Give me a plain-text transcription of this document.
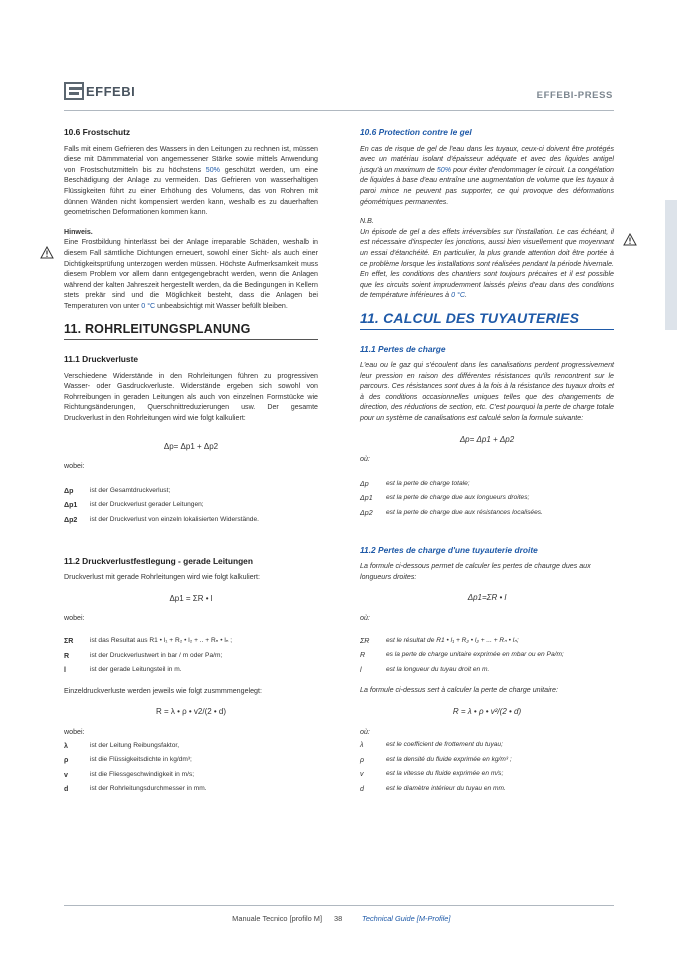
EFFEBI	EFFEBI-PRESS
10.6 Frostschutz
Falls mit einem Gefrieren des Wassers in den Leitungen zu rechnen ist, müssen diese mit Dämmmaterial von angemessener Stärke sowie mittels Anwendung von Frostschutzmitteln bis zu höchstens 50% geschützt werden, um eine Beschädigung der Anlage zu vermeiden. Das Gefrieren von wasserhaltigen Flüssigkeiten führt zu einer Erhöhung des Volumens, das von Rohren mit dünnen Wänden nicht kompensiert werden kann, weshalb es zu dauerhaften geometrischen Deformationen kommen kann.
Hinweis.
Eine Frostbildung hinterlässt bei der Anlage irreparable Schäden, weshalb in diesem Fall sämtliche Dichtungen erneuert, sowohl einer Sicht- als auch einer Dichtigkeitsprüfung unterzogen werden müssen. Höchste Aufmerksamkeit muss diesem Problem vor allem dann entgegengebracht werden, wenn die Anlagen während der kalten Jahreszeit hergestellt werden, da die Bedingungen in Kellern stets prekär sind und die Möglichkeit besteht, dass die Anlagen bei Temperaturen von unter 0 °C unbeabsichtigt mit Wasser befüllt bleiben.
11. ROHRLEITUNGSPLANUNG
11.1 Druckverluste
Verschiedene Widerstände in den Rohrleitungen führen zu progressiven Wasser- oder Gasdruckverluste. Widerstände ergeben sich sowohl von Rohrreibungen in geraden Leitungen als auch von einzelnen Formstücke wie Richtungsänderungen, Querschnittreduzierungen usw. Der gesamte Druckverlust in den Rohrleitungen wird wie folgt kalkuliert:
Δp= Δp1 + Δp2
wobei:
Δp	ist der Gesamtdruckverlust;
Δp1	ist der Druckverlust gerader Leitungen;
Δp2	ist der Druckverlust von einzeln lokalisierten Widerstände.
11.2 Druckverlustfestlegung - gerade Leitungen
Druckverlust mit gerade Rohrleitungen wird wie folgt kalkuliert:
Δp1 = ΣR • l
wobei:
ΣR	ist das Resultat aus R1 • l₁ + R₂ • l₂ + .. + Rₙ • lₙ ;
R	ist der Druckverlustwert in bar / m oder Pa/m;
l	ist der gerade Leitungsteil in m.
Einzeldruckverluste werden jeweils wie folgt zusmmmengelegt:
R = λ • ρ • v2/(2 • d)
wobei:
λ	ist der Leitung Reibungsfaktor,
ρ	ist die Flüssigkeitsdichte in kg/dm³;
v	ist die Fliessgeschwindigkeit in m/s;
d	ist der Rohrleitungsdurchmesser in mm.
10.6 Protection contre le gel
En cas de risque de gel de l'eau dans les tuyaux, ceux-ci doivent être protégés avec un matériau isolant d'épaisseur adéquate et avec des liquides antigel jusqu'à un maximum de 50% pour éviter d'endommager le circuit. La congélation de liquides à base d'eau entraîne une augmentation de volume que les tuyaux à paroi mince ne peuvent pas supporter, ce qui provoque des déformations géométriques permanentes.
N.B.
Un épisode de gel a des effets irréversibles sur l'installation. Le cas échéant, il est nécessaire d'inspecter les jonctions, aussi bien visuellement que moyennant un essai d'étanchéité. En particulier, la plus grande attention doit être portée à ce problème lorsque les installations sont réalisées pendant la période hivernale. En effet, les conditions des chantiers sont toujours précaires et il est possible que les circuits soient imprudemment laissés pleins d'eau dans des conditions de température inférieures à 0 °C.
11. CALCUL DES TUYAUTERIES
11.1 Pertes de charge
L'eau ou le gaz qui s'écoulent dans les canalisations perdent progressivement leur pression en raison des différentes résistances qu'ils rencontrent sur le parcours. Ces résistances sont dues à la fois à la résistance des tuyaux droits et à des conditions occasionnelles uniques telles que des changements de direction, des réductions de section, etc. C'est pourquoi la perte de charge totale pour un système de canalisations est calculé selon la formule suivante:
Δp= Δp1 + Δp2
où:
Δp	est la perte de charge totale;
Δp1	est la perte de charge due aux longueurs droites;
Δp2	est la perte de charge due aux résistances localisées.
11.2 Pertes de charge d'une tuyauterie droite
La formule ci-dessous permet de calculer les pertes de chaurge dues aux longueurs droites:
Δp1=ΣR • l
où:
ΣR	est le résultat de R1 • l₁ + R₂ • l₂ + ... + Rₙ • lₙ;
R	es la perte de charge unitaire exprimée en mbar ou en Pa/m;
l	est la longueur du tuyau droit en m.
La formule ci-dessus sert à calculer la perte de charge unitaire:
R = λ • ρ • v²/(2 • d)
où:
λ	est le coefficient de frottement du tuyau;
ρ	est la densité du fluide exprimée en kg/m³ ;
v	est la vitesse du fluide exprimée en m/s;
d	est le diamètre intérieur du tuyau en mm.
Manuale Tecnico [profilo M] 38	Technical Guide [M-Profile]
